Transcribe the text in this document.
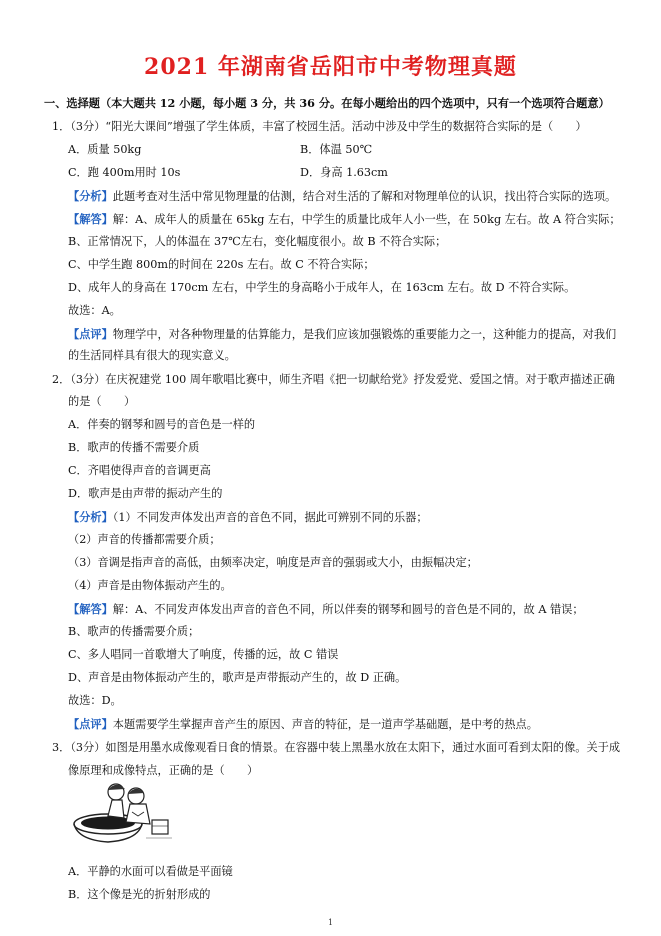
2021 年湖南省岳阳市中考物理真题
一、选择题（本大题共 12 小题，每小题 3 分，共 36 分。在每小题给出的四个选项中，只有一个选项符合题意）
1．（3分）“阳光大课间”增强了学生体质，丰富了校园生活。活动中涉及中学生的数据符合实际的是（　　）
A．质量 50kg	B．体温 50℃
C．跑 400m用时 10s	D．身高 1.63cm
【分析】此题考查对生活中常见物理量的估测，结合对生活的了解和对物理单位的认识，找出符合实际的选项。
【解答】解：A、成年人的质量在 65kg 左右，中学生的质量比成年人小一些，在 50kg 左右。故 A 符合实际；
B、正常情况下，人的体温在 37℃左右，变化幅度很小。故 B 不符合实际；
C、中学生跑 800m的时间在 220s 左右。故 C 不符合实际；
D、成年人的身高在 170cm 左右，中学生的身高略小于成年人，在 163cm 左右。故 D 不符合实际。
故选：A。
【点评】物理学中，对各种物理量的估算能力，是我们应该加强锻炼的重要能力之一，这种能力的提高，对我们
的生活同样具有很大的现实意义。
2．（3分）在庆祝建党 100 周年歌唱比赛中，师生齐唱《把一切献给党》抒发爱党、爱国之情。对于歌声描述正确
的是（　　）
A．伴奏的钢琴和圆号的音色是一样的
B．歌声的传播不需要介质
C．齐唱使得声音的音调更高
D．歌声是由声带的振动产生的
【分析】（1）不同发声体发出声音的音色不同，据此可辨别不同的乐器；
（2）声音的传播都需要介质；
（3）音调是指声音的高低，由频率决定，响度是声音的强弱或大小，由振幅决定；
（4）声音是由物体振动产生的。
【解答】解：A、不同发声体发出声音的音色不同，所以伴奏的钢琴和圆号的音色是不同的，故 A 错误；
B、歌声的传播需要介质；
C、多人唱同一首歌增大了响度，传播的远，故 C 错误
D、声音是由物体振动产生的，歌声是声带振动产生的，故 D 正确。
故选：D。
【点评】本题需要学生掌握声音产生的原因、声音的特征，是一道声学基础题，是中考的热点。
3．（3分）如图是用墨水成像观看日食的情景。在容器中装上黑墨水放在太阳下，通过水面可看到太阳的像。关于成
像原理和成像特点，正确的是（　　）
A．平静的水面可以看做是平面镜
B．这个像是光的折射形成的
1
